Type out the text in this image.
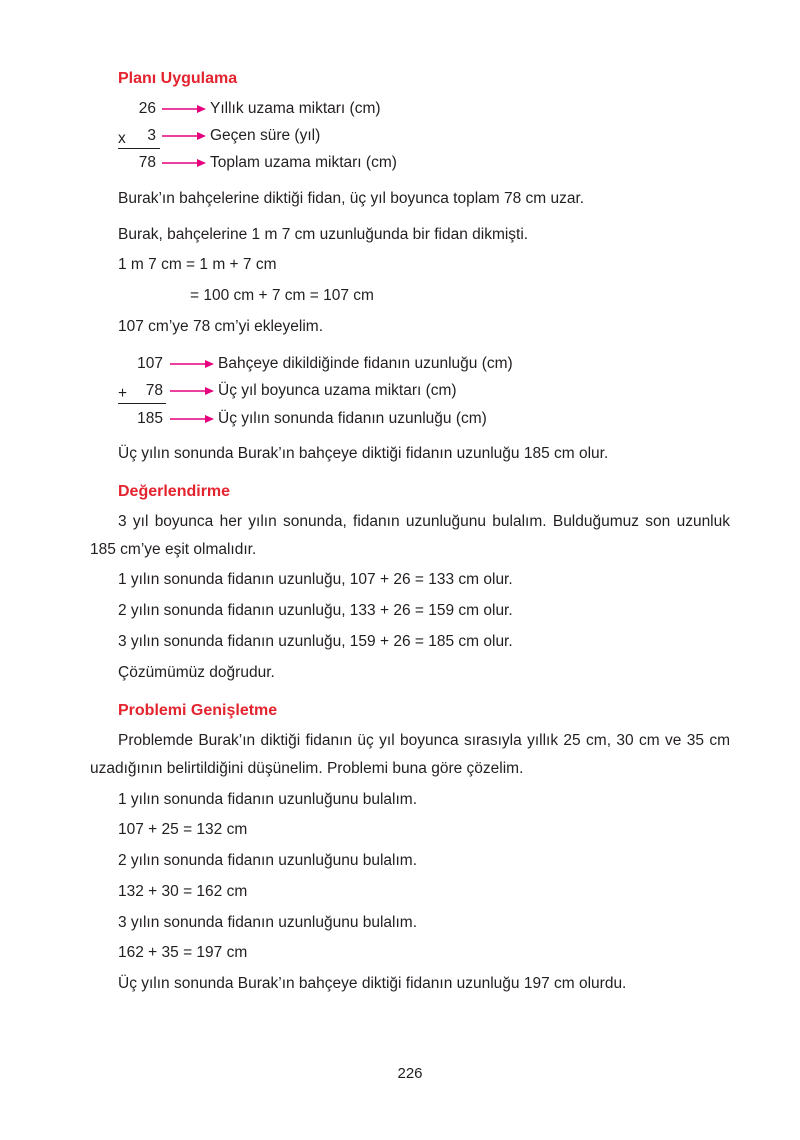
Planı Uygulama
26	Yıllık uzama miktarı (cm)
x	3	Geçen süre (yıl)
78	Toplam uzama miktarı (cm)
Burak’ın bahçelerine diktiği fidan, üç yıl boyunca toplam 78 cm uzar.
Burak, bahçelerine 1 m 7 cm uzunluğunda bir fidan dikmişti.
1 m 7 cm = 1 m + 7 cm
= 100 cm + 7 cm = 107 cm
107 cm’ye 78 cm’yi ekleyelim.
107	Bahçeye dikildiğinde fidanın uzunluğu (cm)
+	78	Üç yıl boyunca uzama miktarı (cm)
185	Üç yılın sonunda fidanın uzunluğu (cm)
Üç yılın sonunda Burak’ın bahçeye diktiği fidanın uzunluğu 185 cm olur.
Değerlendirme
3 yıl boyunca her yılın sonunda, fidanın uzunluğunu bulalım. Bulduğumuz son uzunluk 185 cm’ye eşit olmalıdır.
1 yılın sonunda fidanın uzunluğu, 107 + 26 = 133 cm olur.
2 yılın sonunda fidanın uzunluğu, 133 + 26 = 159 cm olur.
3 yılın sonunda fidanın uzunluğu, 159 + 26 = 185 cm olur.
Çözümümüz doğrudur.
Problemi Genişletme
Problemde Burak’ın diktiği fidanın üç yıl boyunca sırasıyla yıllık 25 cm, 30 cm ve 35 cm uzadığının belirtildiğini düşünelim. Problemi buna göre çözelim.
1 yılın sonunda fidanın uzunluğunu bulalım.
107 + 25 = 132 cm
2 yılın sonunda fidanın uzunluğunu bulalım.
132 + 30 = 162 cm
3 yılın sonunda fidanın uzunluğunu bulalım.
162 + 35 = 197 cm
Üç yılın sonunda Burak’ın bahçeye diktiği fidanın uzunluğu 197 cm olurdu.
226
